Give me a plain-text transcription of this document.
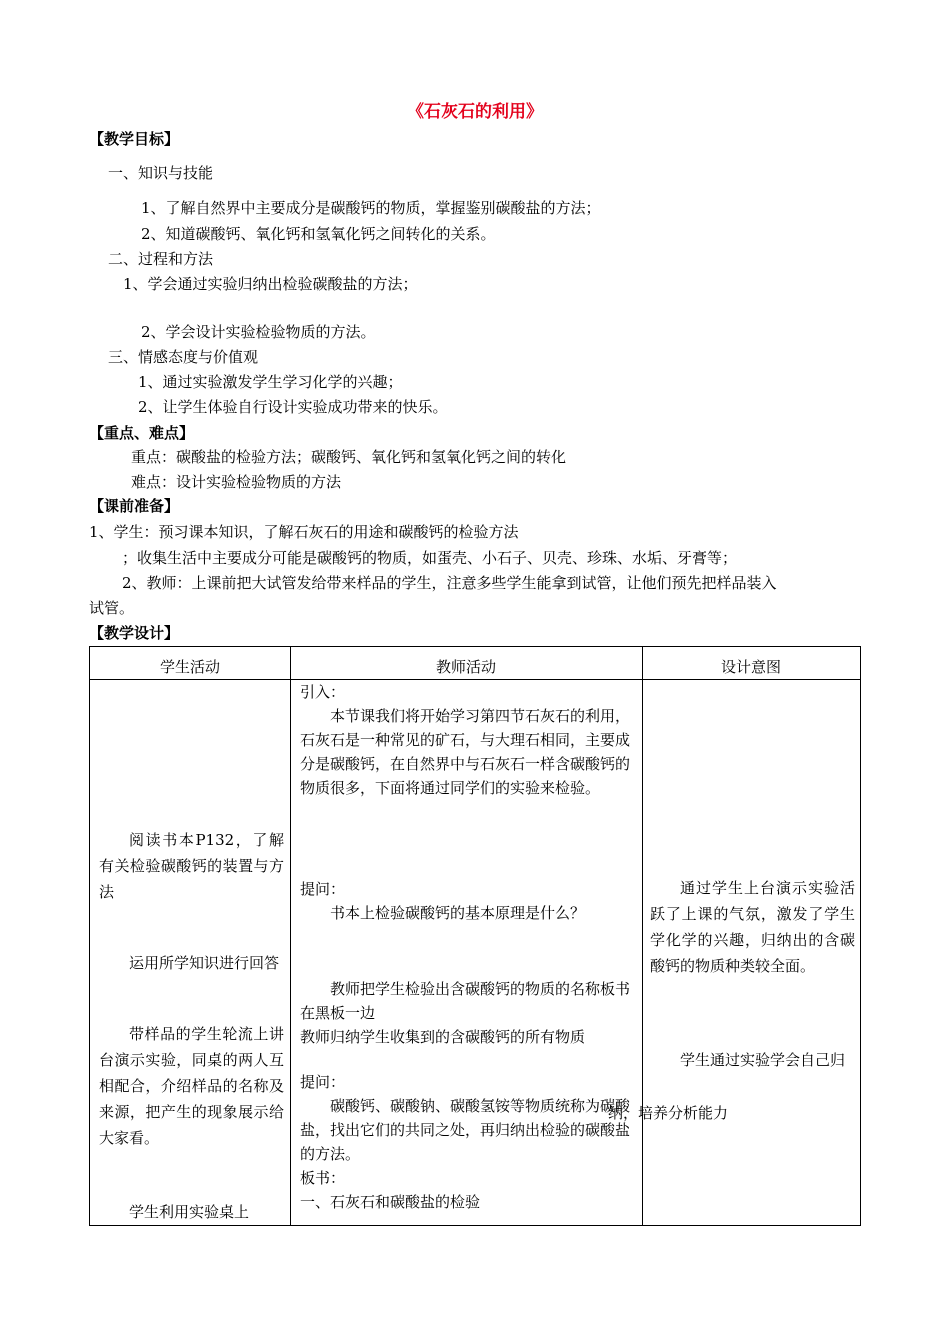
《石灰石的利用》
【教学目标】
一、知识与技能
1、了解自然界中主要成分是碳酸钙的物质，掌握鉴别碳酸盐的方法；
2、知道碳酸钙、氧化钙和氢氧化钙之间转化的关系。
二、过程和方法
1、学会通过实验归纳出检验碳酸盐的方法；
2、学会设计实验检验物质的方法。
三、情感态度与价值观
1、通过实验激发学生学习化学的兴趣；
2、让学生体验自行设计实验成功带来的快乐。
【重点、难点】
重点：碳酸盐的检验方法；碳酸钙、氧化钙和氢氧化钙之间的转化
难点：设计实验检验物质的方法
【课前准备】
1、学生：预习课本知识，了解石灰石的用途和碳酸钙的检验方法
；收集生活中主要成分可能是碳酸钙的物质，如蛋壳、小石子、贝壳、珍珠、水垢、牙膏等；
2、教师：上课前把大试管发给带来样品的学生，注意多些学生能拿到试管，让他们预先把样品装入
试管。
【教学设计】
学生活动	教师活动	设计意图

阅读书本P132，了解有关检验碳酸钙的装置与方法

运用所学知识进行回答

带样品的学生轮流上讲台演示实验，同桌的两人互相配合，介绍样品的名称及来源，把产生的现象展示给大家看。

学生利用实验桌上

引入：

本节课我们将开始学习第四节石灰石的利用，石灰石是一种常见的矿石，与大理石相同，主要成分是碳酸钙，在自然界中与石灰石一样含碳酸钙的物质很多，下面将通过同学们的实验来检验。

提问：

书本上检验碳酸钙的基本原理是什么？

教师把学生检验出含碳酸钙的物质的名称板书在黑板一边

教师归纳学生收集到的含碳酸钙的所有物质

提问：

碳酸钙、碳酸钠、碳酸氢铵等物质统称为碳酸盐，找出它们的共同之处，再归纳出检验的碳酸盐的方法。

板书：

一、石灰石和碳酸盐的检验

通过学生上台演示实验活跃了上课的气氛，激发了学生学化学的兴趣，归纳出的含碳酸钙的物质种类较全面。

学生通过实验学会自己归

纳，培养分析能力
